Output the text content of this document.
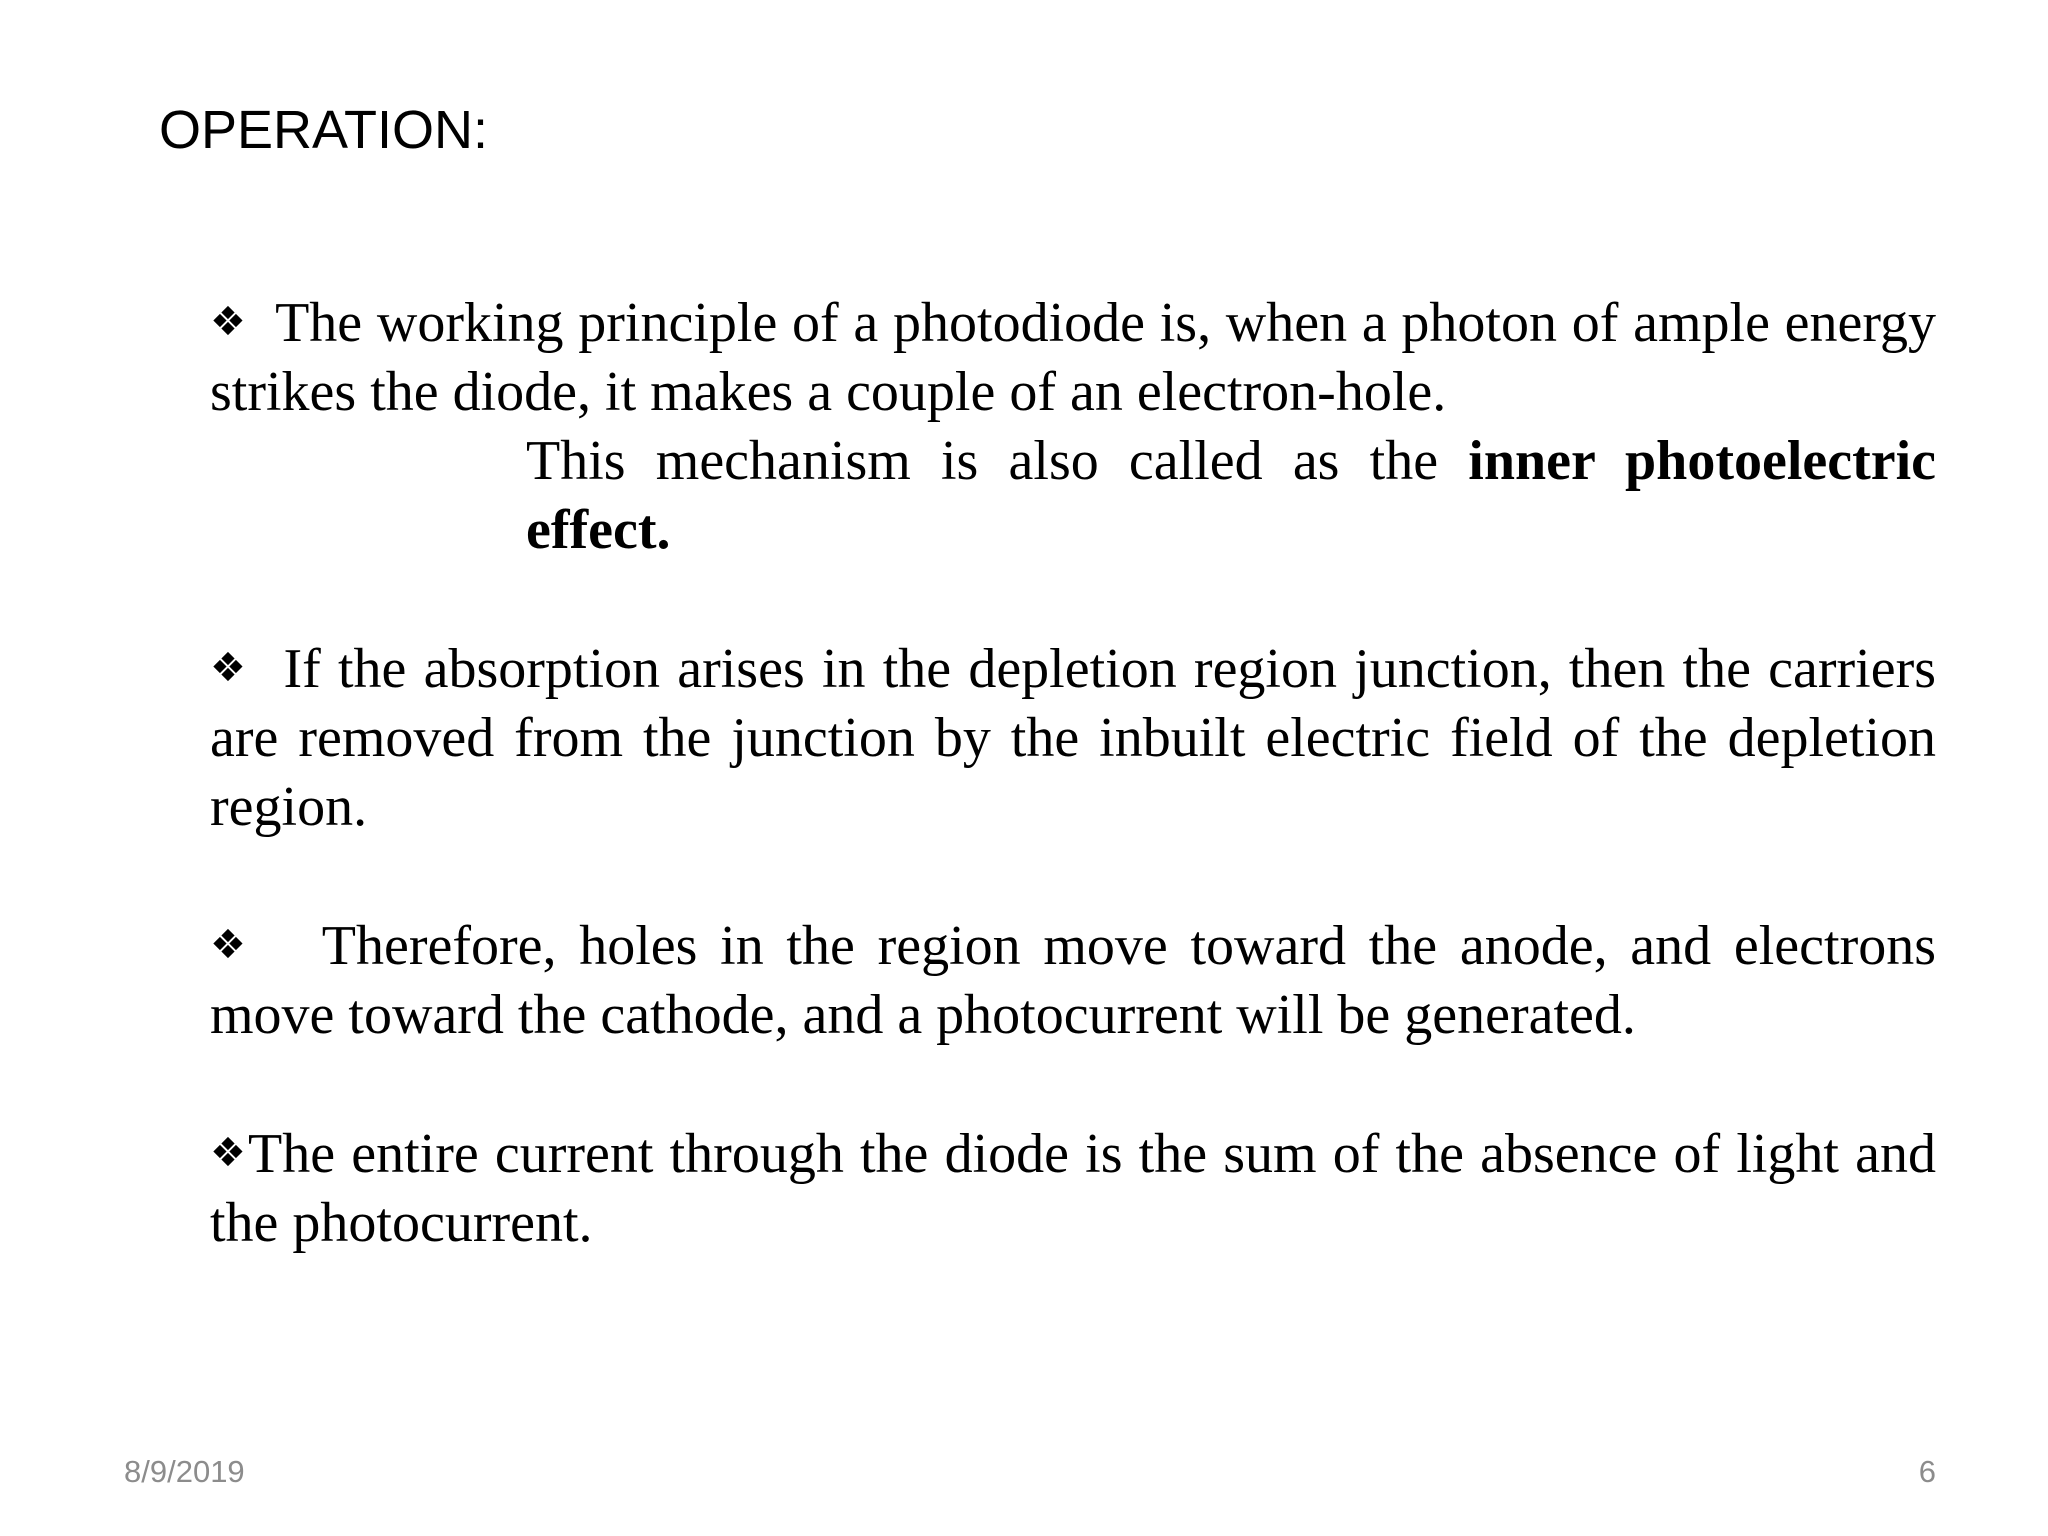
OPERATION:

❖ The working principle of a photodiode is, when a photon of ample energy strikes the diode, it makes a couple of an electron-hole.

This mechanism is also called as the inner photoelectric effect.

❖ If the absorption arises in the depletion region junction, then the carriers are removed from the junction by the inbuilt electric field of the depletion region.

❖ Therefore, holes in the region move toward the anode, and electrons move toward the cathode, and a photocurrent will be generated.

❖The entire current through the diode is the sum of the absence of light and the photocurrent.

8/9/2019	6
